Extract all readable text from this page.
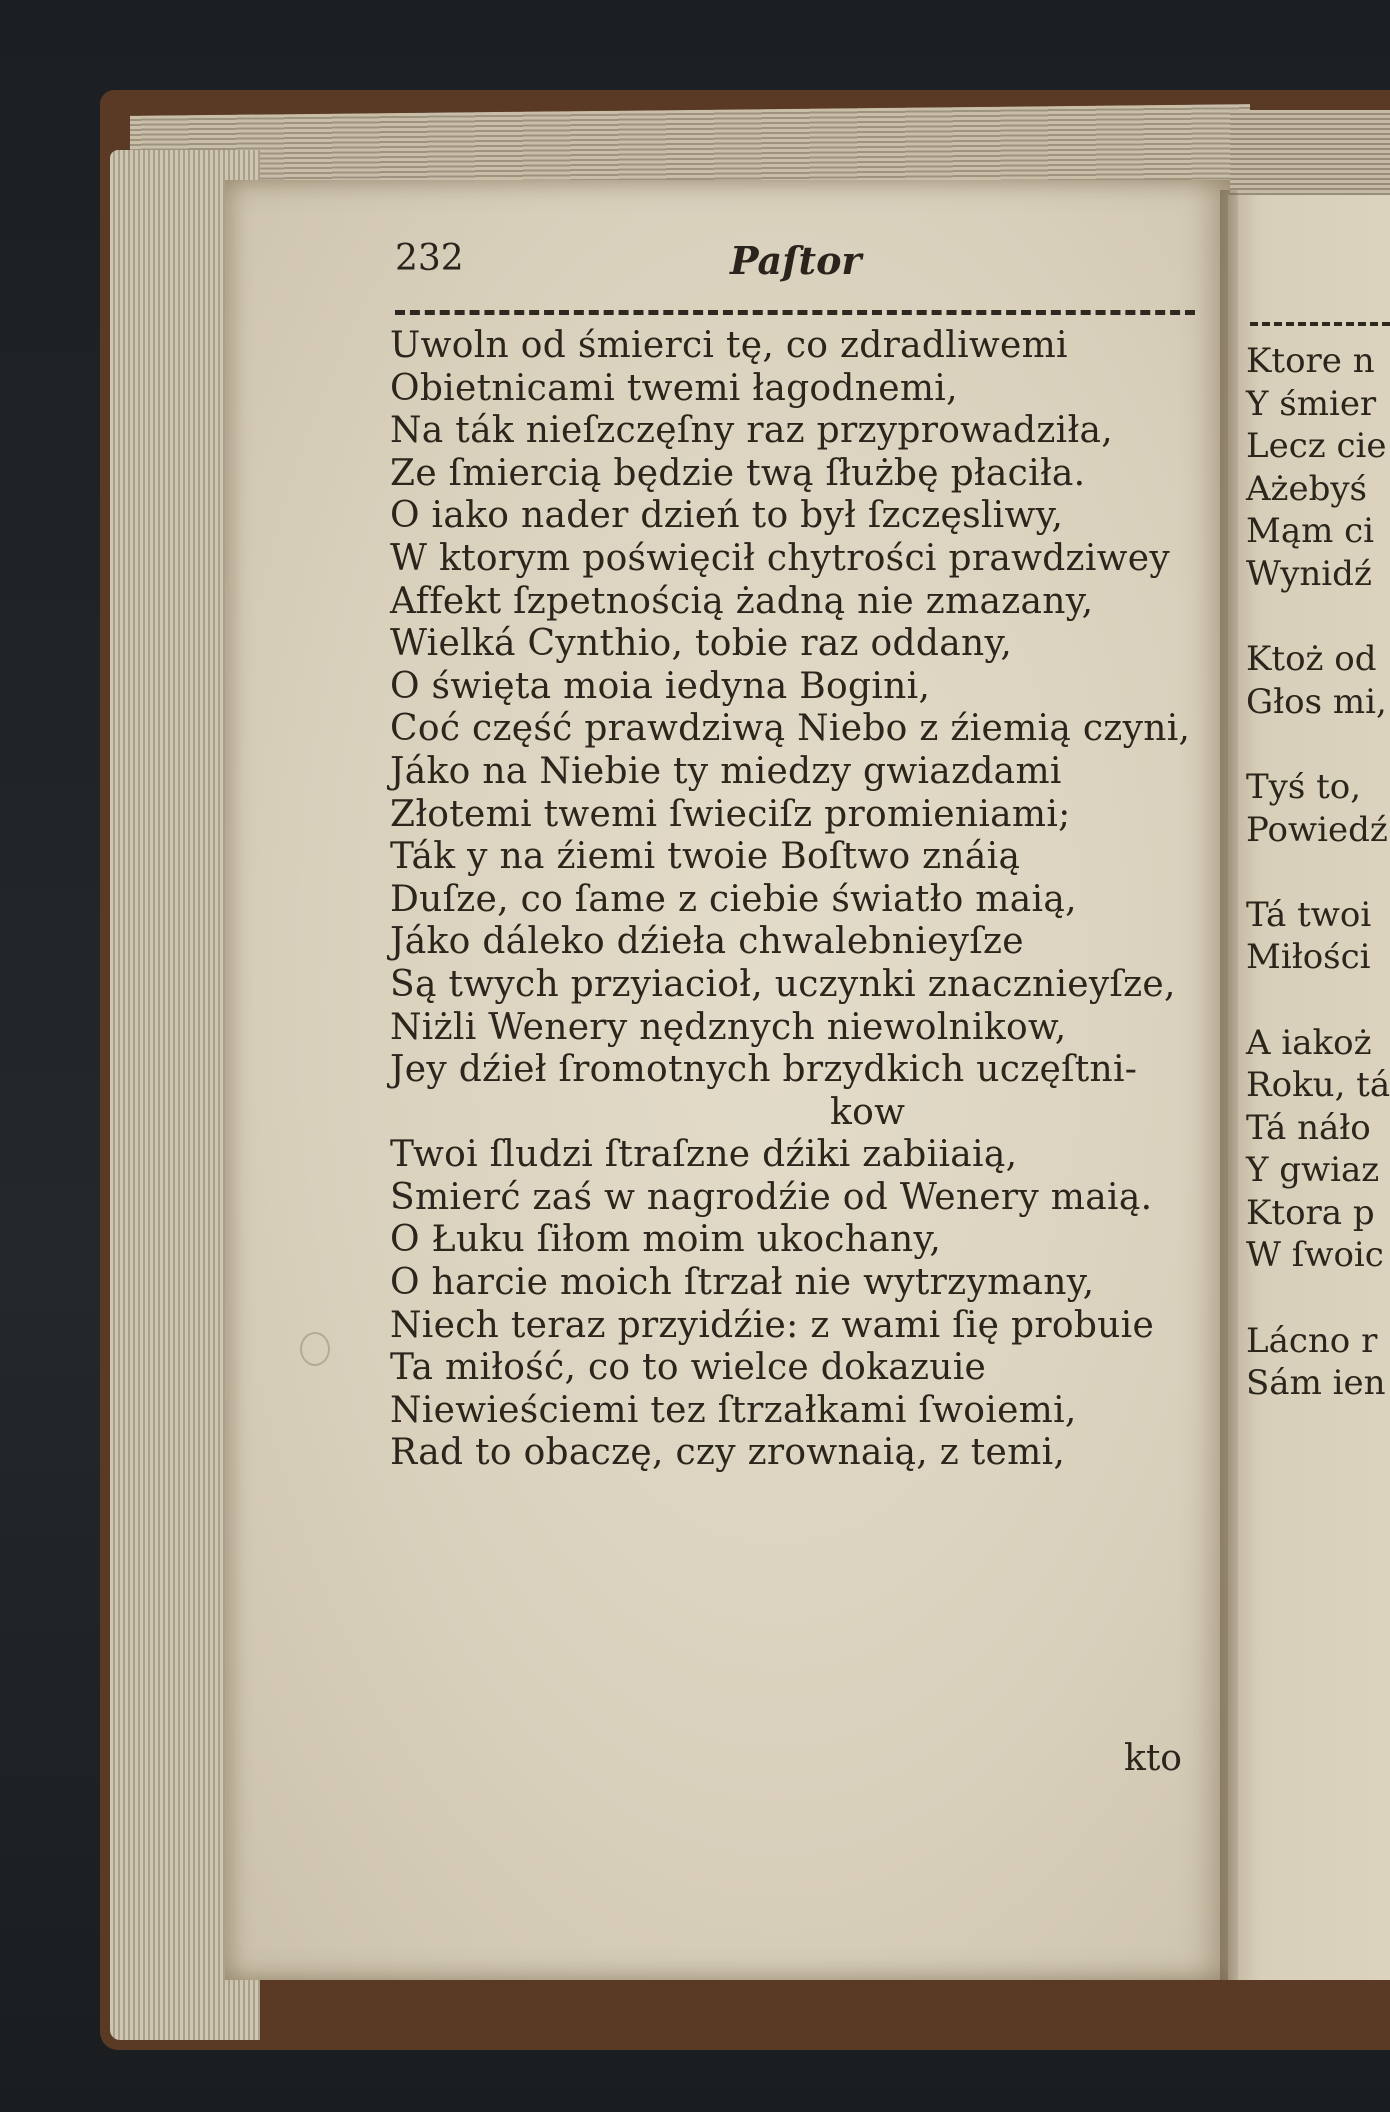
232	Paſtor
Uwoln od śmierci tę, co zdradliwemi
Obietnicami twemi łagodnemi,
Na ták nieſzczęſny raz przyprowadziła,
Ze ſmiercią będzie twą ſłużbę płaciła.
O iako nader dzień to był ſzczęsliwy,
W ktorym poświęcił chytrości prawdziwey
Affekt ſzpetnością żadną nie zmazany,
Wielká Cynthio, tobie raz oddany,
O święta moia iedyna Bogini,
Coć część prawdziwą Niebo z źiemią czyni,
Jáko na Niebie ty miedzy gwiazdami
Złotemi twemi ſwieciſz promieniami;
Ták y na źiemi twoie Boſtwo znáią
Duſze, co ſame z ciebie światło maią,
Jáko dáleko dźieła chwalebnieyſze
Są twych przyiacioł, uczynki znacznieyſze,
Niżli Wenery nędznych niewolnikow,
Jey dźieł ſromotnych brzydkich uczęſtni-
kow
Twoi ſludzi ſtraſzne dźiki zabiiaią,
Smierć zaś w nagrodźie od Wenery maią.
O Łuku ſiłom moim ukochany,
O harcie moich ſtrzał nie wytrzymany,
Niech teraz przyidźie: z wami ſię probuie
Ta miłość, co to wielce dokazuie
Niewieściemi tez ſtrzałkami ſwoiemi,
Rad to obaczę, czy zrownaią, z temi,
kto
Ktore n
Y śmier
Lecz cie
Ażebyś
Mąm ci
Wynidź
Ktoż od
Głos mi,
Tyś to,
Powiedź
Tá twoi
Miłości
A iakoż
Roku, tá
Tá náło
Y gwiaz
Ktora p
W ſwoic
Lácno r
Sám ien
